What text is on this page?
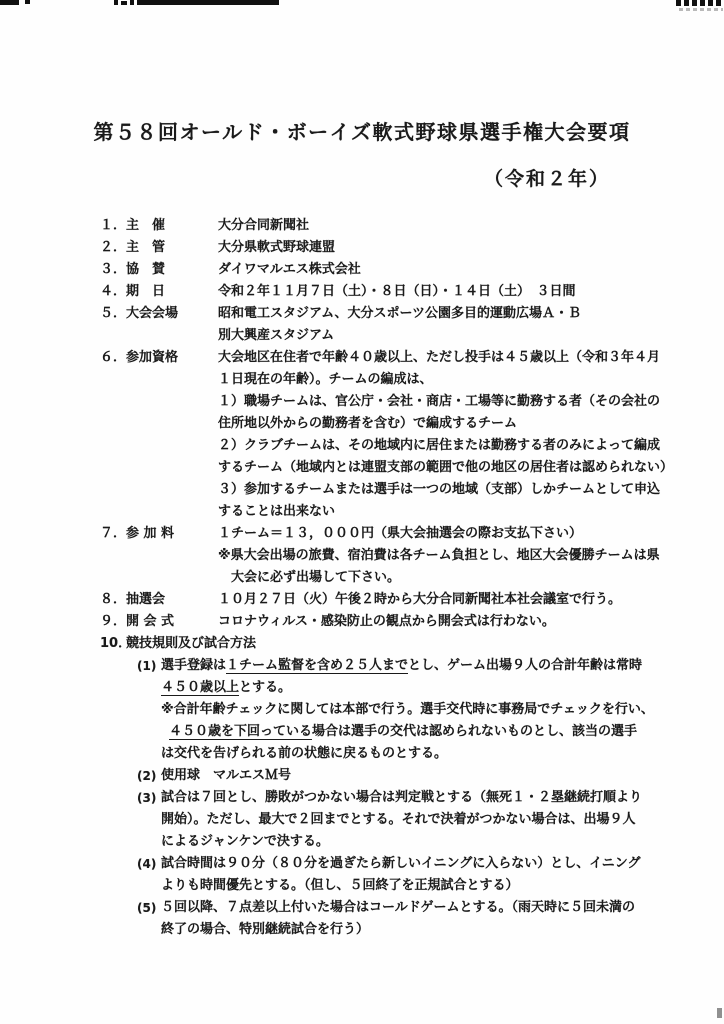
第５８回オールド・ボーイズ軟式野球県選手権大会要項
（令和２年）
１． 主　催	大分合同新聞社
２． 主　管	大分県軟式野球連盟
３． 協　賛	ダイワマルエス株式会社
４． 期　日	令和２年１１月７日（土）・８日（日）・１４日（土）　３日間
５． 大会会場	昭和電工スタジアム、大分スポーツ公園多目的運動広場Ａ・Ｂ
別大興産スタジアム
６． 参加資格	大会地区在住者で年齢４０歳以上、ただし投手は４５歳以上（令和３年４月
１日現在の年齢）。チームの編成は、
１）職場チームは、官公庁・会社・商店・工場等に勤務する者（その会社の
住所地以外からの勤務者を含む）で編成するチーム
２）クラブチームは、その地域内に居住または勤務する者のみによって編成
するチーム（地域内とは連盟支部の範囲で他の地区の居住者は認められない）
３）参加するチームまたは選手は一つの地域（支部）しかチームとして申込
することは出来ない
７． 参 加 料	１チーム＝１３，０００円（県大会抽選会の際お支払下さい）
※県大会出場の旅費、宿泊費は各チーム負担とし、地区大会優勝チームは県
　大会に必ず出場して下さい。
８． 抽選会	１０月２７日（火）午後２時から大分合同新聞社本社会議室で行う。
９． 開 会 式	コロナウィルス・感染防止の観点から開会式は行わない。
10．
競技規則及び試合方法
(1) 選手登録は１チーム監督を含め２５人までとし、ゲーム出場９人の合計年齢は常時
４５０歳以上とする。
※合計年齢チェックに関しては本部で行う。選手交代時に事務局でチェックを行い、
４５０歳を下回っている場合は選手の交代は認められないものとし、該当の選手
は交代を告げられる前の状態に戻るものとする。
(2) 使用球　マルエスＭ号
(3) 試合は７回とし、勝敗がつかない場合は判定戦とする（無死１・２塁継続打順より
開始）。ただし、最大で２回までとする。それで決着がつかない場合は、出場９人
によるジャンケンで決する。
(4) 試合時間は９０分（８０分を過ぎたら新しいイニングに入らない）とし、イニング
よりも時間優先とする。（但し、５回終了を正規試合とする）
(5) ５回以降、７点差以上付いた場合はコールドゲームとする。（雨天時に５回未満の
終了の場合、特別継続試合を行う）
